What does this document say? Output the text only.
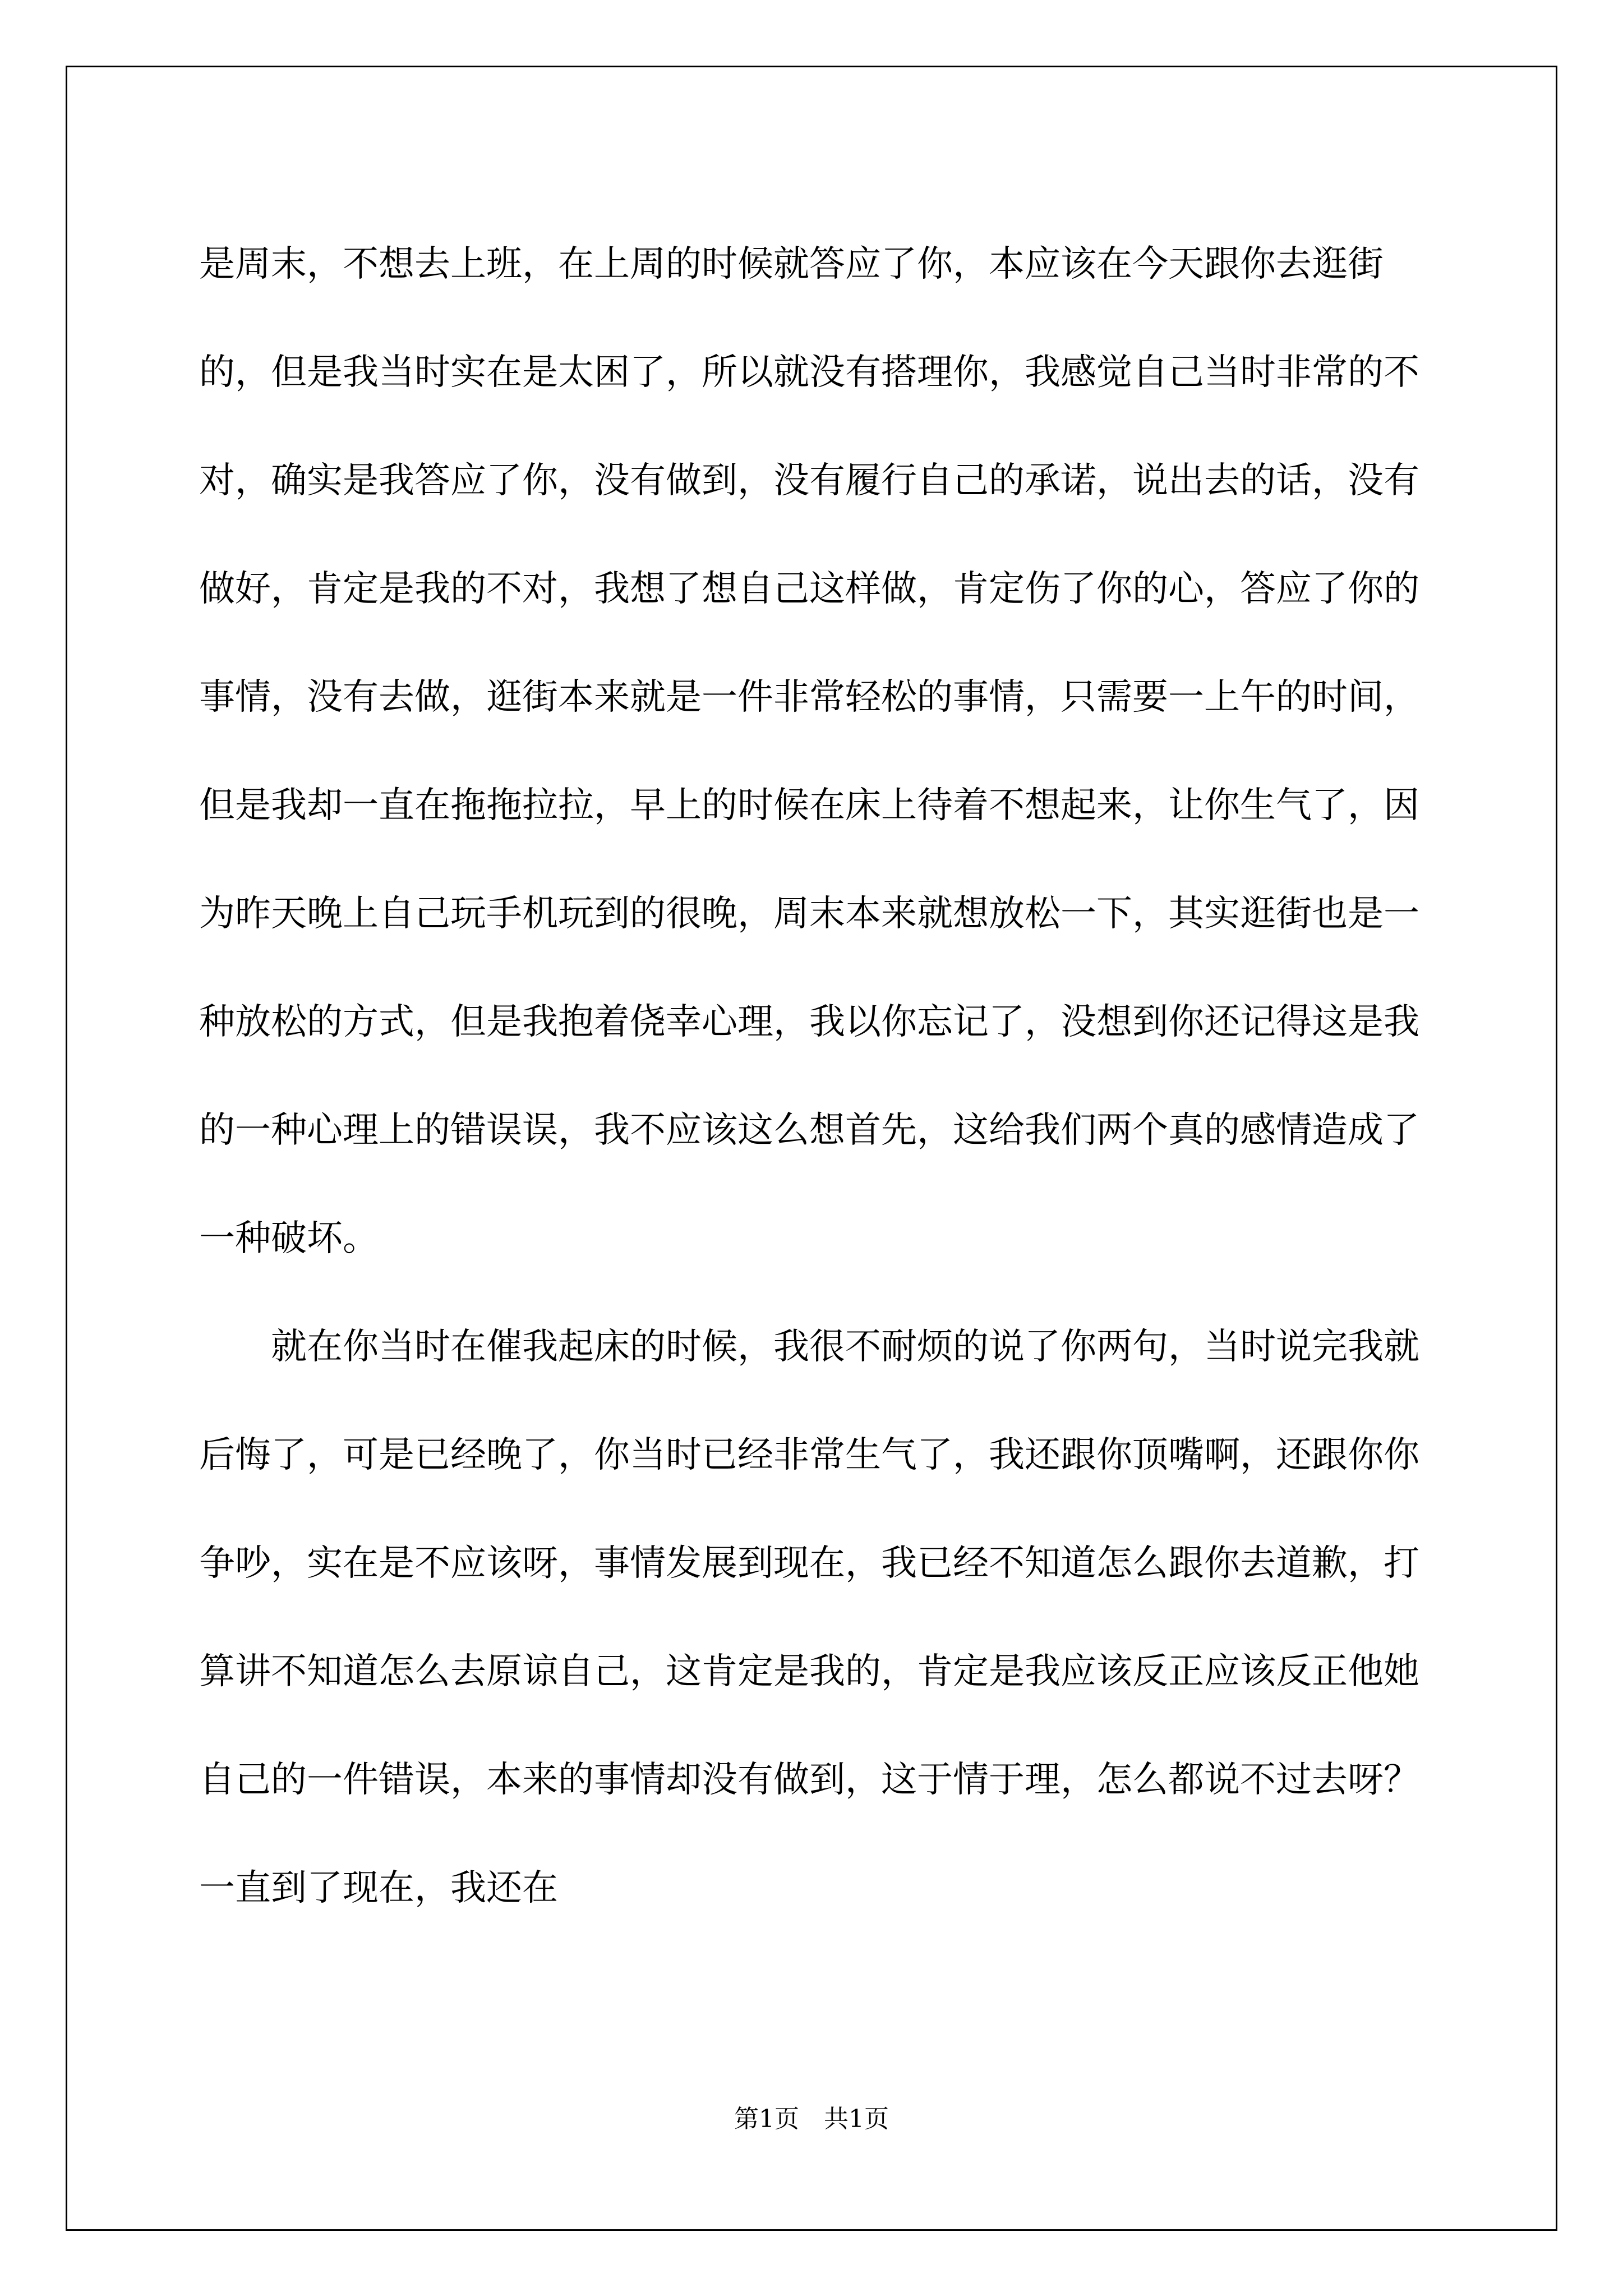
是周末，不想去上班，在上周的时候就答应了你，本应该在今天跟你去逛街的，但是我当时实在是太困了，所以就没有搭理你，我感觉自己当时非常的不对，确实是我答应了你，没有做到，没有履行自己的承诺，说出去的话，没有做好，肯定是我的不对，我想了想自己这样做，肯定伤了你的心，答应了你的事情，没有去做，逛街本来就是一件非常轻松的事情，只需要一上午的时间，但是我却一直在拖拖拉拉，早上的时候在床上待着不想起来，让你生气了，因为昨天晚上自己玩手机玩到的很晚，周末本来就想放松一下，其实逛街也是一种放松的方式，但是我抱着侥幸心理，我以你忘记了，没想到你还记得这是我的一种心理上的错误误，我不应该这么想首先，这给我们两个真的感情造成了一种破坏。

就在你当时在催我起床的时候，我很不耐烦的说了你两句，当时说完我就后悔了，可是已经晚了，你当时已经非常生气了，我还跟你顶嘴啊，还跟你你争吵，实在是不应该呀，事情发展到现在，我已经不知道怎么跟你去道歉，打算讲不知道怎么去原谅自己，这肯定是我的，肯定是我应该反正应该反正他她自己的一件错误，本来的事情却没有做到，这于情于理，怎么都说不过去呀？一直到了现在，我还在

第1页 共1页
